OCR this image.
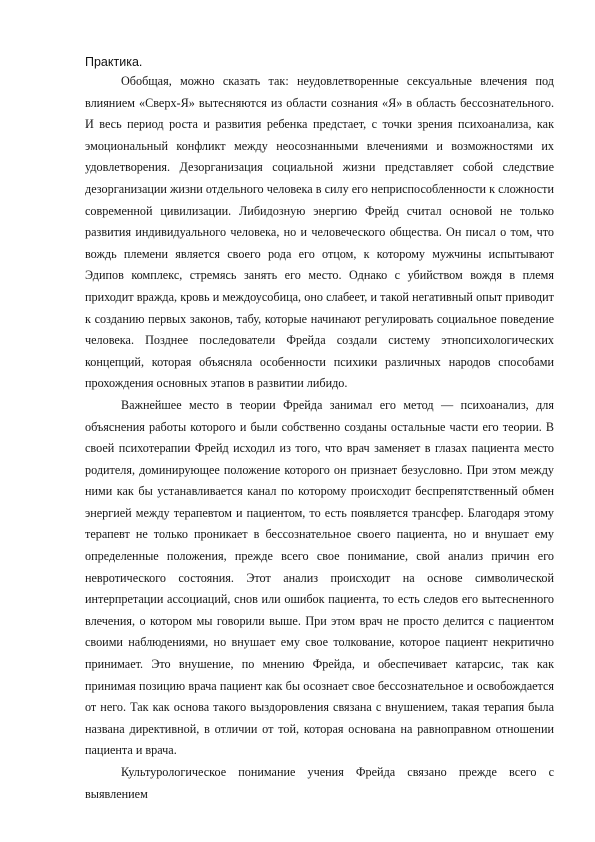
Практика.

Обобщая, можно сказать так: неудовлетворенные сексуальные влечения под влиянием «Сверх-Я» вытесняются из области сознания «Я» в область бессознательного. И весь период роста и развития ребенка предстает, с точки зрения психоанализа, как эмоциональный конфликт между неосознанными влечениями и возможностями их удовлетворения. Дезорганизация социальной жизни представляет собой следствие дезорганизации жизни отдельного человека в силу его неприспособленности к сложности современной цивилизации. Либидозную энергию Фрейд считал основой не только развития индивидуального человека, но и человеческого общества. Он писал о том, что вождь племени является своего рода его отцом, к которому мужчины испытывают Эдипов комплекс, стремясь занять его место. Однако с убийством вождя в племя приходит вражда, кровь и междоусобица, оно слабеет, и такой негативный опыт приводит к созданию первых законов, табу, которые начинают регулировать социальное поведение человека. Позднее последователи Фрейда создали систему этнопсихологических концепций, которая объясняла особенности психики различных народов способами прохождения основных этапов в развитии либидо.

Важнейшее место в теории Фрейда занимал его метод — психоанализ, для объяснения работы которого и были собственно созданы остальные части его теории. В своей психотерапии Фрейд исходил из того, что врач заменяет в глазах пациента место родителя, доминирующее положение которого он признает безусловно. При этом между ними как бы устанавливается канал по которому происходит беспрепятственный обмен энергией между терапевтом и пациентом, то есть появляется трансфер. Благодаря этому терапевт не только проникает в бессознательное своего пациента, но и внушает ему определенные положения, прежде всего свое понимание, свой анализ причин его невротического состояния. Этот анализ происходит на основе символической интерпретации ассоциаций, снов или ошибок пациента, то есть следов его вытесненного влечения, о котором мы говорили выше. При этом врач не просто делится с пациентом своими наблюдениями, но внушает ему свое толкование, которое пациент некритично принимает. Это внушение, по мнению Фрейда, и обеспечивает катарсис, так как принимая позицию врача пациент как бы осознает свое бессознательное и освобождается от него. Так как основа такого выздоровления связана с внушением, такая терапия была названа директивной, в отличии от той, которая основана на равноправном отношении пациента и врача.

Культурологическое понимание учения Фрейда связано прежде всего с выявлением
